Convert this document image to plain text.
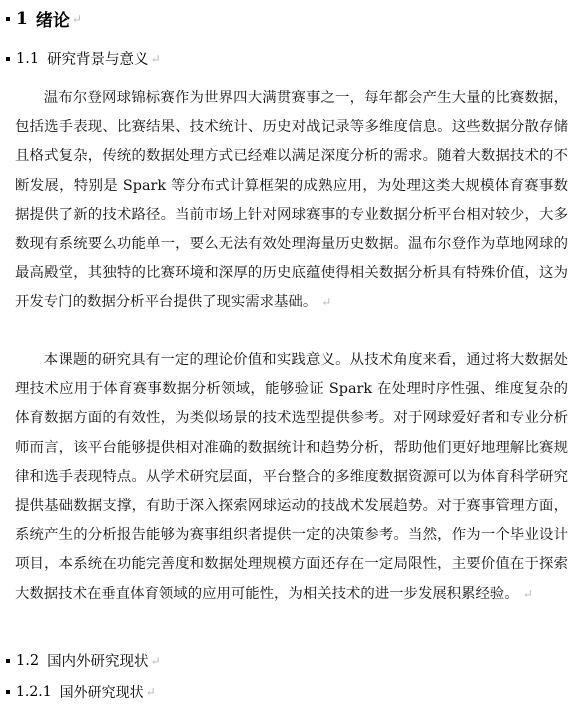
1 绪论 ↵
1.1 研究背景与意义 ↵

温布尔登网球锦标赛作为世界四大满贯赛事之一，每年都会产生大量的比赛数据，包括选手表现、比赛结果、技术统计、历史对战记录等多维度信息。这些数据分散存储且格式复杂，传统的数据处理方式已经难以满足深度分析的需求。随着大数据技术的不断发展，特别是 Spark 等分布式计算框架的成熟应用，为处理这类大规模体育赛事数据提供了新的技术路径。当前市场上针对网球赛事的专业数据分析平台相对较少，大多数现有系统要么功能单一，要么无法有效处理海量历史数据。温布尔登作为草地网球的最高殿堂，其独特的比赛环境和深厚的历史底蕴使得相关数据分析具有特殊价值，这为开发专门的数据分析平台提供了现实需求基础。 ↵

本课题的研究具有一定的理论价值和实践意义。从技术角度来看，通过将大数据处理技术应用于体育赛事数据分析领域，能够验证 Spark 在处理时序性强、维度复杂的体育数据方面的有效性，为类似场景的技术选型提供参考。对于网球爱好者和专业分析师而言，该平台能够提供相对准确的数据统计和趋势分析，帮助他们更好地理解比赛规律和选手表现特点。从学术研究层面，平台整合的多维度数据资源可以为体育科学研究提供基础数据支撑，有助于深入探索网球运动的技战术发展趋势。对于赛事管理方面，系统产生的分析报告能够为赛事组织者提供一定的决策参考。当然，作为一个毕业设计项目，本系统在功能完善度和数据处理规模方面还存在一定局限性，主要价值在于探索大数据技术在垂直体育领域的应用可能性，为相关技术的进一步发展积累经验。 ↵

1.2 国内外研究现状 ↵
1.2.1 国外研究现状 ↵
